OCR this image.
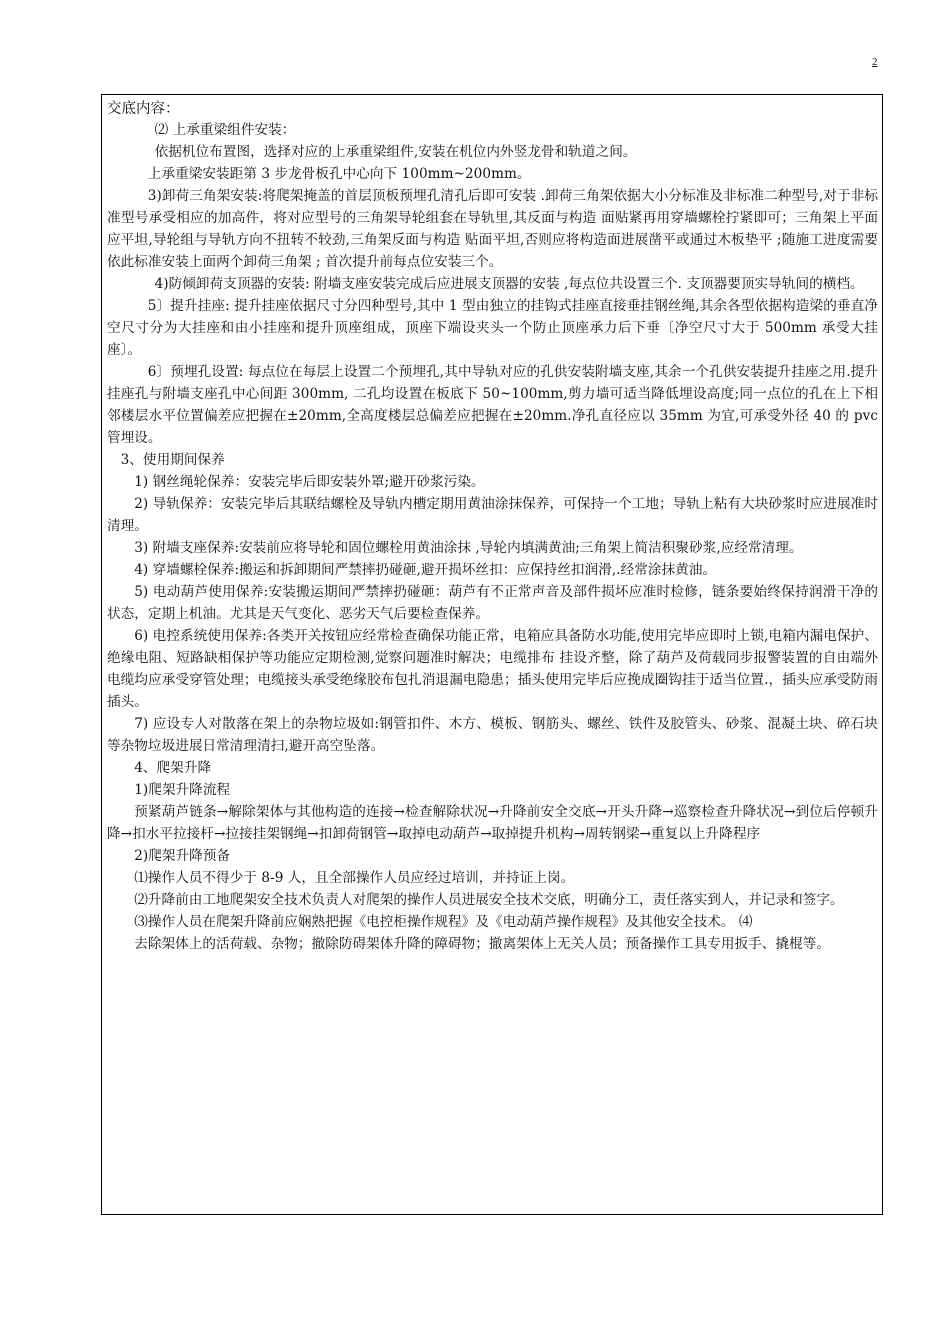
2
交底内容：

⑵ 上承重梁组件安装：

依据机位布置图，选择对应的上承重梁组件,安装在机位内外竖龙骨和轨道之间。

上承重梁安装距第 3 步龙骨板孔中心向下 100mm~200mm。

3)卸荷三角架安装:将爬架掩盖的首层顶板预埋孔清孔后即可安装 .卸荷三角架依据大小分标准及非标准二种型号,对于非标准型号承受相应的加高件，将对应型号的三角架导轮组套在导轨里,其反面与构造 面贴紧再用穿墙螺栓拧紧即可；三角架上平面应平坦,导轮组与导轨方向不扭转不较劲,三角架反面与构造 贴面平坦,否则应将构造面进展凿平或通过木板垫平 ;随施工进度需要依此标准安装上面两个卸荷三角架 ; 首次提升前每点位安装三个。

4)防倾卸荷支顶器的安装: 附墙支座安装完成后应进展支顶器的安装 ,每点位共设置三个. 支顶器要顶实导轨间的横档。

5〕提升挂座: 提升挂座依据尺寸分四种型号,其中 1 型由独立的挂钩式挂座直接垂挂钢丝绳,其余各型依据构造梁的垂直净空尺寸分为大挂座和由小挂座和提升顶座组成，顶座下端设夹头一个防止顶座承力后下垂〔净空尺寸大于 500mm 承受大挂座〕。

6〕预埋孔设置: 每点位在每层上设置二个预埋孔,其中导轨对应的孔供安装附墙支座,其余一个孔供安装提升挂座之用.提升挂座孔与附墙支座孔中心间距 300mm, 二孔均设置在板底下 50~100mm,剪力墙可适当降低埋设高度;同一点位的孔在上下相邻楼层水平位置偏差应把握在±20mm,全高度楼层总偏差应把握在±20mm.净孔直径应以 35mm 为宜,可承受外径 40 的 pvc 管埋设。

3、使用期间保养

1) 钢丝绳轮保养：安装完毕后即安装外罩;避开砂浆污染。

2) 导轨保养：安装完毕后其联结螺栓及导轨内槽定期用黄油涂抹保养，可保持一个工地；导轨上粘有大块砂浆时应进展准时清理。

3) 附墙支座保养:安装前应将导轮和固位螺栓用黄油涂抹 ,导轮内填满黄油;三角架上简洁积聚砂浆,应经常清理。

4) 穿墙螺栓保养:搬运和拆卸期间严禁摔扔碰砸,避开损坏丝扣：应保持丝扣润滑,.经常涂抹黄油。

5) 电动葫芦使用保养:安装搬运期间严禁摔扔碰砸：葫芦有不正常声音及部件损坏应准时检修，链条要始终保持润滑干净的状态，定期上机油。尤其是天气变化、恶劣天气后要检查保养。

6) 电控系统使用保养:各类开关按钮应经常检查确保功能正常，电箱应具备防水功能,使用完毕应即时上锁,电箱内漏电保护、绝缘电阻、短路缺相保护等功能应定期检测,觉察问题准时解决；电缆排布 挂设齐整，除了葫芦及荷载同步报警装置的自由端外电缆均应承受穿管处理；电缆接头承受绝缘胶布包扎消退漏电隐患；插头使用完毕后应挽成圈钩挂于适当位置.，插头应承受防雨插头。

7) 应设专人对散落在架上的杂物垃圾如:钢管扣件、木方、模板、钢筋头、螺丝、铁件及胶管头、砂浆、混凝土块、碎石块等杂物垃圾进展日常清理清扫,避开高空坠落。

4、爬架升降

1)爬架升降流程

预紧葫芦链条→解除架体与其他构造的连接→检查解除状况→升降前安全交底→开头升降→巡察检查升降状况→到位后停顿升降→扣水平拉接杆→拉接挂架钢绳→扣卸荷钢管→取掉电动葫芦→取掉提升机构→周转钢梁→重复以上升降程序

2)爬架升降预备

⑴操作人员不得少于 8-9 人，且全部操作人员应经过培训，并持证上岗。

⑵升降前由工地爬架安全技术负责人对爬架的操作人员进展安全技术交底，明确分工，责任落实到人，并记录和签字。

⑶操作人员在爬架升降前应娴熟把握《电控柜操作规程》及《电动葫芦操作规程》及其他安全技术。 ⑷

去除架体上的活荷载、杂物；撤除防碍架体升降的障碍物；撤离架体上无关人员；预备操作工具专用扳手、撬棍等。
